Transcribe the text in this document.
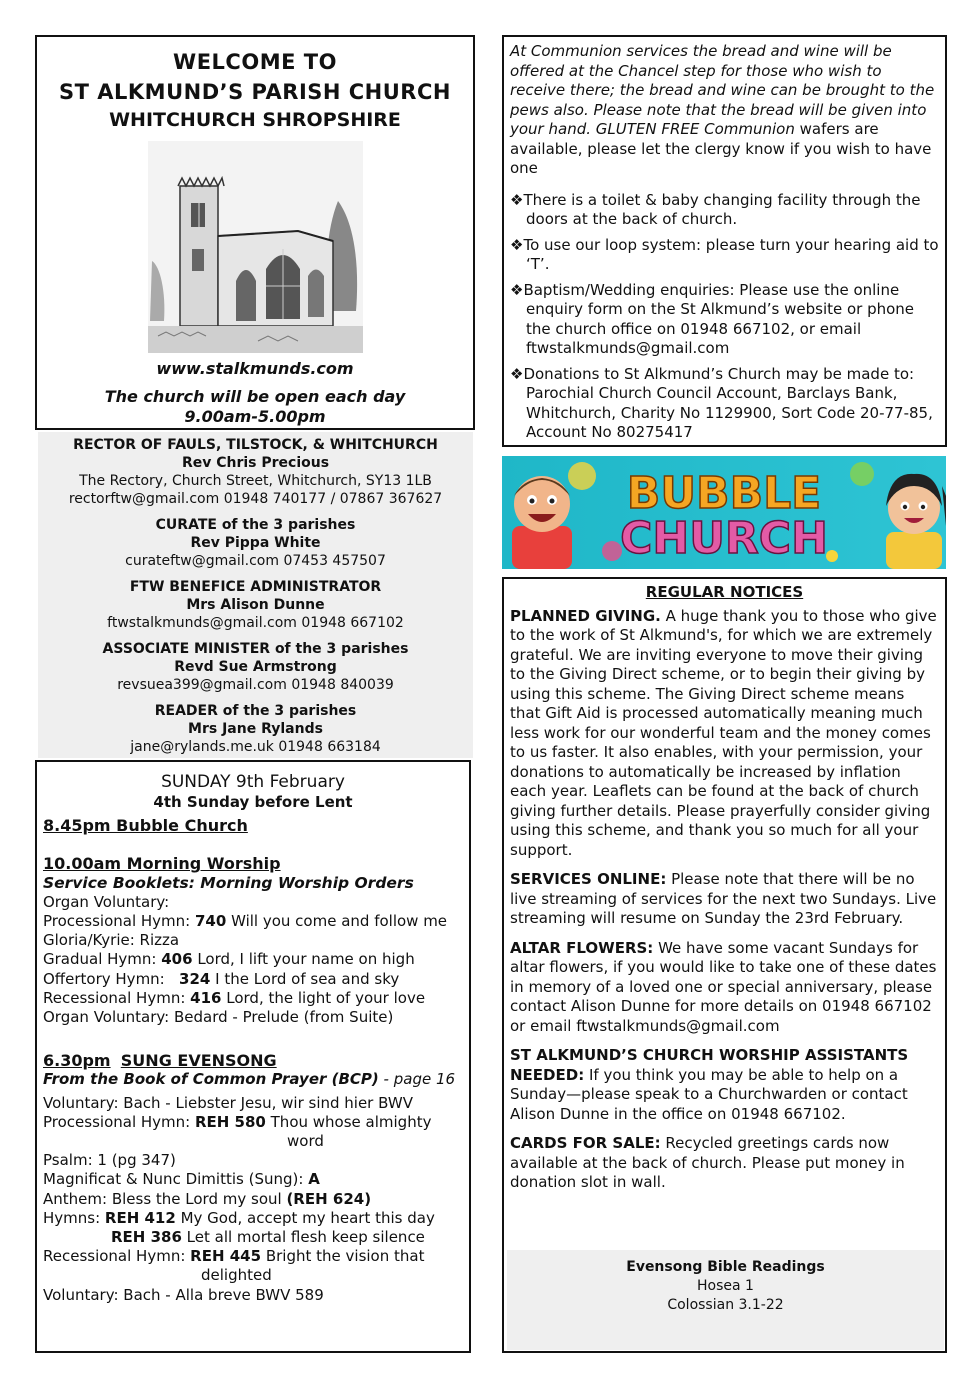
WELCOME TO
ST ALKMUND’S PARISH CHURCH
WHITCHURCH SHROPSHIRE
www.stalkmunds.com
The church will be open each day
9.00am-5.00pm
RECTOR OF FAULS, TILSTOCK, & WHITCHURCH
Rev Chris Precious
The Rectory, Church Street, Whitchurch, SY13 1LB
rectorftw@gmail.com 01948 740177 / 07867 367627
CURATE of the 3 parishes
Rev Pippa White
curateftw@gmail.com 07453 457507
FTW BENEFICE ADMINISTRATOR
Mrs Alison Dunne
ftwstalkmunds@gmail.com 01948 667102
ASSOCIATE MINISTER of the 3 parishes
Revd Sue Armstrong
revsuea399@gmail.com 01948 840039
READER of the 3 parishes
Mrs Jane Rylands
jane@rylands.me.uk 01948 663184
SUNDAY 9th February
4th Sunday before Lent
8.45pm Bubble Church
10.00am Morning Worship
Service Booklets: Morning Worship Orders
Organ Voluntary:
Processional Hymn: 740 Will you come and follow me
Gloria/Kyrie: Rizza
Gradual Hymn: 406 Lord, I lift your name on high
Offertory Hymn:   324 I the Lord of sea and sky
Recessional Hymn: 416 Lord, the light of your love
Organ Voluntary: Bedard - Prelude (from Suite)
6.30pm SUNG EVENSONG
From the Book of Common Prayer (BCP) - page 16
Voluntary: Bach - Liebster Jesu, wir sind hier BWV
Processional Hymn: REH 580 Thou whose almighty
word
Psalm: 1 (pg 347)
Magnificat & Nunc Dimittis (Sung): A
Anthem: Bless the Lord my soul (REH 624)
Hymns: REH 412 My God, accept my heart this day
REH 386 Let all mortal flesh keep silence
Recessional Hymn: REH 445 Bright the vision that
delighted
Voluntary: Bach - Alla breve BWV 589
At Communion services the bread and wine will be offered at the Chancel step for those who wish to receive there; the bread and wine can be brought to the pews also. Please note that the bread will be given into your hand. GLUTEN FREE Communion wafers are available, please let the clergy know if you wish to have one
❖There is a toilet & baby changing facility through the doors at the back of church.
❖To use our loop system: please turn your hearing aid to ‘T’.
❖Baptism/Wedding enquiries: Please use the online enquiry form on the St Alkmund’s website or phone the church office on 01948 667102, or email ftwstalkmunds@gmail.com
❖Donations to St Alkmund’s Church may be made to: Parochial Church Council Account, Barclays Bank, Whitchurch, Charity No 1129900, Sort Code 20-77-85, Account No 80275417
BUBBLE
CHURCH
REGULAR NOTICES
PLANNED GIVING. A huge thank you to those who give to the work of St Alkmund's, for which we are extremely grateful. We are inviting everyone to move their giving to the Giving Direct scheme, or to begin their giving by using this scheme. The Giving Direct scheme means that Gift Aid is processed automatically meaning much less work for our wonderful team and the money comes to us faster. It also enables, with your permission, your donations to automatically be increased by inflation each year. Leaflets can be found at the back of church giving further details. Please prayerfully consider giving using this scheme, and thank you so much for all your support.
SERVICES ONLINE: Please note that there will be no live streaming of services for the next two Sundays. Live streaming will resume on Sunday the 23rd February.
ALTAR FLOWERS: We have some vacant Sundays for altar flowers, if you would like to take one of these dates in memory of a loved one or special anniversary, please contact Alison Dunne for more details on 01948 667102 or email ftwstalkmunds@gmail.com
ST ALKMUND’S CHURCH WORSHIP ASSISTANTS NEEDED: If you think you may be able to help on a Sunday—please speak to a Churchwarden or contact Alison Dunne in the office on 01948 667102.
CARDS FOR SALE: Recycled greetings cards now available at the back of church. Please put money in donation slot in wall.
Evensong Bible Readings
Hosea 1
Colossian 3.1-22
